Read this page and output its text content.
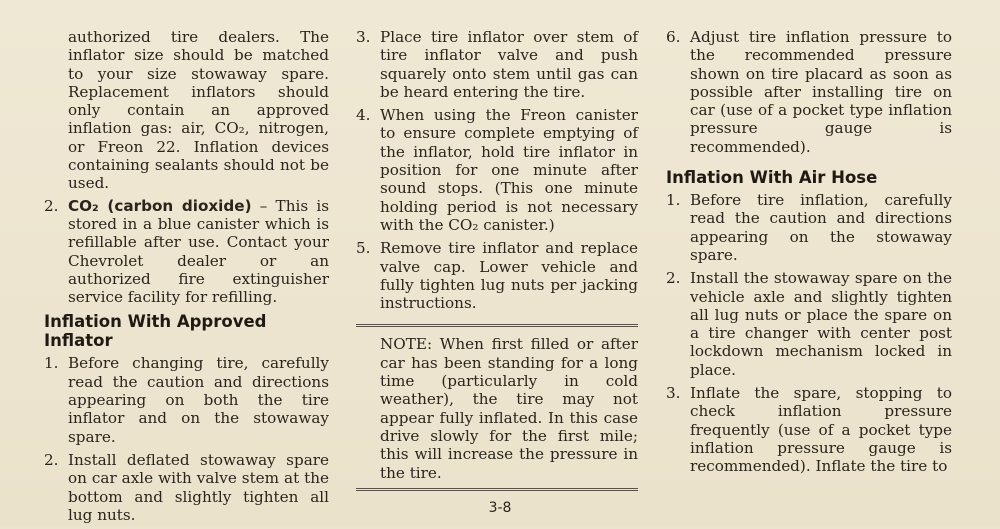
authorized tire dealers. The inflator size should be matched to your size stowaway spare. Replacement inflators should only contain an approved inflation gas: air, CO₂, nitrogen, or Freon 22. Inflation devices containing sealants should not be used.

2. CO₂ (carbon dioxide) – This is stored in a blue canister which is refillable after use. Contact your Chevrolet dealer or an authorized fire extinguisher service facility for refilling.
Inflation With Approved Inflator
1. Before changing tire, carefully read the caution and directions appearing on both the tire inflator and on the stowaway spare.
2. Install deflated stowaway spare on car axle with valve stem at the bottom and slightly tighten all lug nuts.
3. Place tire inflator over stem of tire inflator valve and push squarely onto stem until gas can be heard entering the tire.
4. When using the Freon canister to ensure complete emptying of the inflator, hold tire inflator in position for one minute after sound stops. (This one minute holding period is not necessary with the CO₂ canister.)
5. Remove tire inflator and replace valve cap. Lower vehicle and fully tighten lug nuts per jacking instructions.
NOTE: When first filled or after car has been standing for a long time (particularly in cold weather), the tire may not appear fully inflated. In this case drive slowly for the first mile; this will increase the pressure in the tire.
6. Adjust tire inflation pressure to the recommended pressure shown on tire placard as soon as possible after installing tire on car (use of a pocket type inflation pressure gauge is recommended).
Inflation With Air Hose
1. Before tire inflation, carefully read the caution and directions appearing on the stowaway spare.
2. Install the stowaway spare on the vehicle axle and slightly tighten all lug nuts or place the spare on a tire changer with center post lockdown mechanism locked in place.
3. Inflate the spare, stopping to check inflation pressure frequently (use of a pocket type inflation pressure gauge is recommended). Inflate the tire to
3-8
